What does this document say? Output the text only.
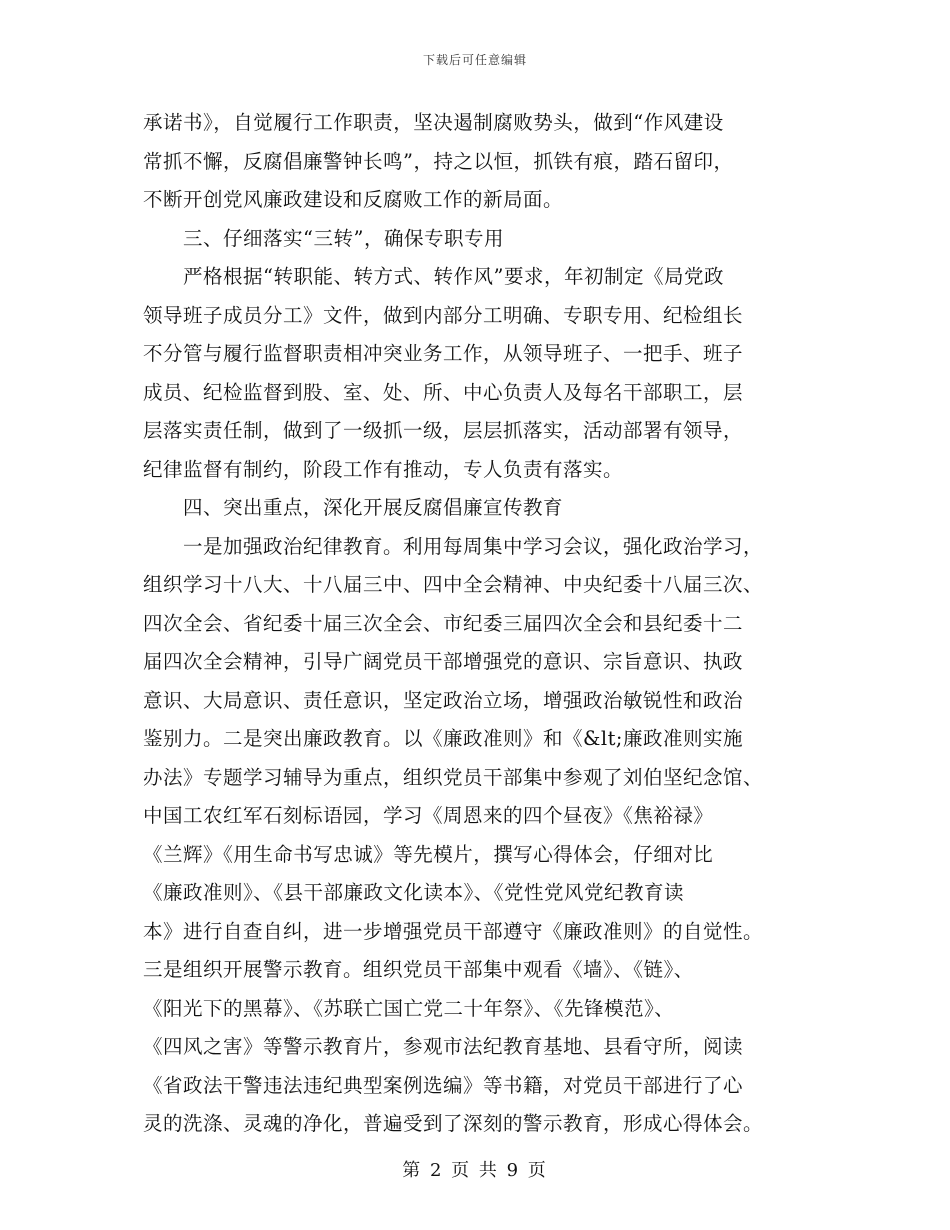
下载后可任意编辑
承诺书》，自觉履行工作职责，坚决遏制腐败势头，做到“作风建设
常抓不懈，反腐倡廉警钟长鸣”，持之以恒，抓铁有痕，踏石留印，
不断开创党风廉政建设和反腐败工作的新局面。
三、仔细落实“三转”，确保专职专用
严格根据“转职能、转方式、转作风”要求，年初制定《局党政
领导班子成员分工》文件，做到内部分工明确、专职专用、纪检组长
不分管与履行监督职责相冲突业务工作，从领导班子、一把手、班子
成员、纪检监督到股、室、处、所、中心负责人及每名干部职工，层
层落实责任制，做到了一级抓一级，层层抓落实，活动部署有领导，
纪律监督有制约，阶段工作有推动，专人负责有落实。
四、突出重点，深化开展反腐倡廉宣传教育
一是加强政治纪律教育。利用每周集中学习会议，强化政治学习，
组织学习十八大、十八届三中、四中全会精神、中央纪委十八届三次、
四次全会、省纪委十届三次全会、市纪委三届四次全会和县纪委十二
届四次全会精神，引导广阔党员干部增强党的意识、宗旨意识、执政
意识、大局意识、责任意识，坚定政治立场，增强政治敏锐性和政治
鉴别力。二是突出廉政教育。以《廉政准则》和《&lt;廉政准则实施
办法》专题学习辅导为重点，组织党员干部集中参观了刘伯坚纪念馆、
中国工农红军石刻标语园，学习《周恩来的四个昼夜》《焦裕禄》
《兰辉》《用生命书写忠诚》等先模片，撰写心得体会，仔细对比
《廉政准则》、《县干部廉政文化读本》、《党性党风党纪教育读
本》进行自查自纠，进一步增强党员干部遵守《廉政准则》的自觉性。
三是组织开展警示教育。组织党员干部集中观看《墙》、《链》、
《阳光下的黑幕》、《苏联亡国亡党二十年祭》、《先锋模范》、
《四风之害》等警示教育片，参观市法纪教育基地、县看守所，阅读
《省政法干警违法违纪典型案例选编》等书籍，对党员干部进行了心
灵的洗涤、灵魂的净化，普遍受到了深刻的警示教育，形成心得体会。
第 2 页 共 9 页
